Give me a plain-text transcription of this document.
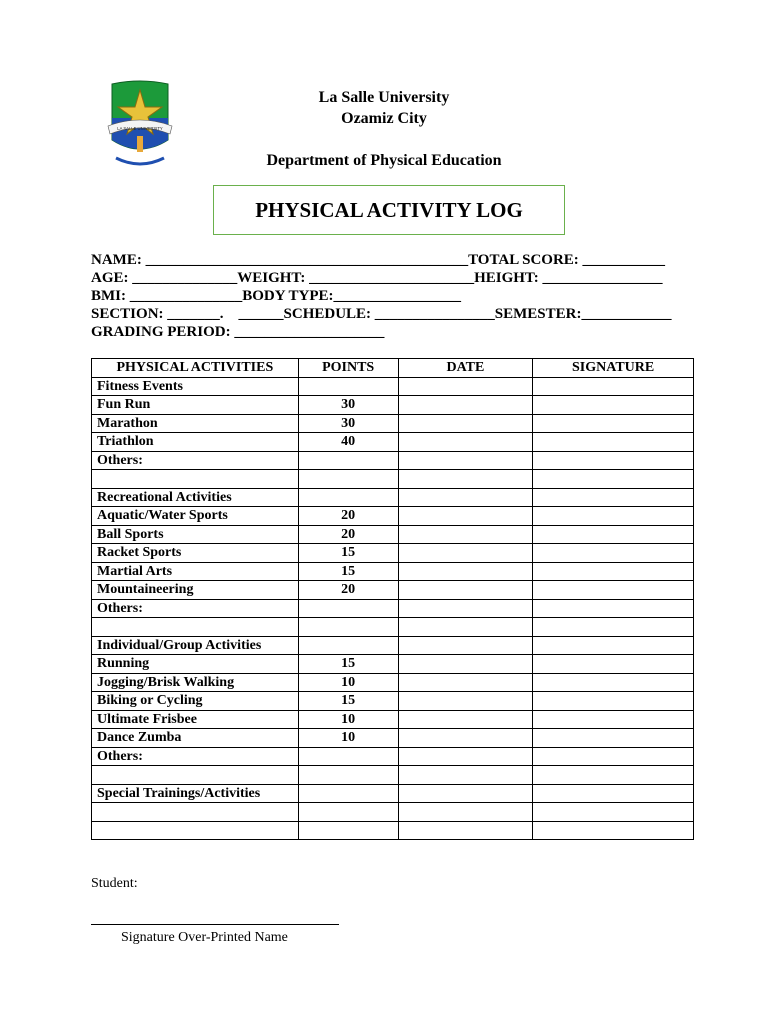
LA SALLE UNIVERSITY
La Salle University
Ozamiz City
Department of Physical Education
PHYSICAL ACTIVITY LOG
NAME: ___________________________________________TOTAL SCORE: ___________
AGE: ______________WEIGHT: ______________________HEIGHT: ________________
BMI: _______________BODY TYPE:_________________
SECTION: _______.    ______SCHEDULE: ________________SEMESTER:____________
GRADING PERIOD: ____________________
PHYSICAL ACTIVITIES	POINTS	DATE	SIGNATURE
Fitness Events			
Fun Run	30		
Marathon	30		
Triathlon	40		
Others:			

Recreational Activities			
Aquatic/Water Sports	20		
Ball Sports	20		
Racket Sports	15		
Martial Arts	15		
Mountaineering	20		
Others:			

Individual/Group Activities			
Running	15		
Jogging/Brisk Walking	10		
Biking or Cycling	15		
Ultimate Frisbee	10		
Dance Zumba	10		
Others:			

Special Trainings/Activities			

Student:
Signature Over-Printed Name
